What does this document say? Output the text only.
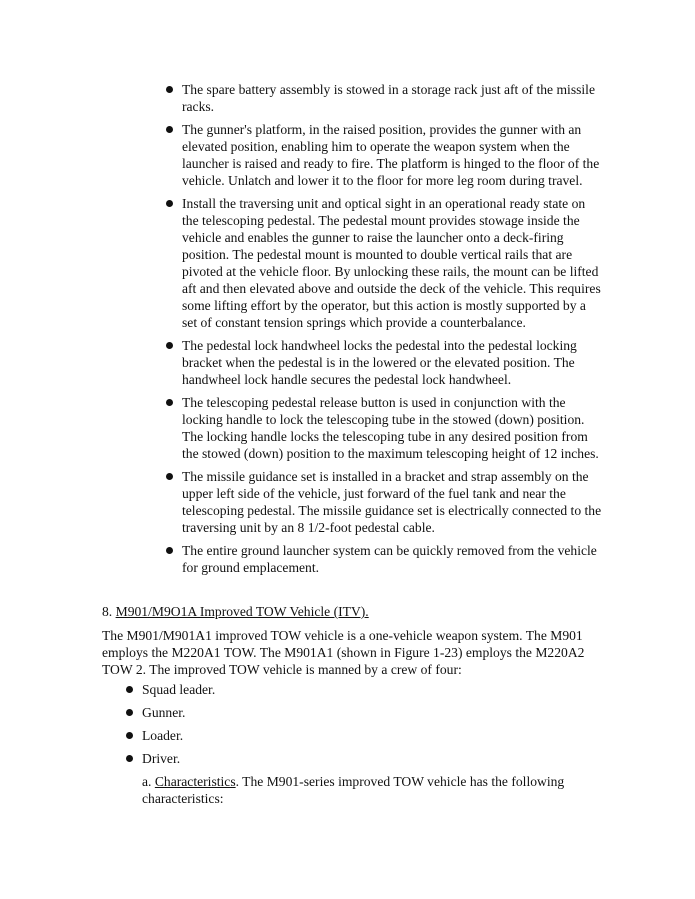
The spare battery assembly is stowed in a storage rack just aft of the missile racks.
The gunner's platform, in the raised position, provides the gunner with an elevated position, enabling him to operate the weapon system when the launcher is raised and ready to fire. The platform is hinged to the floor of the vehicle. Unlatch and lower it to the floor for more leg room during travel.
Install the traversing unit and optical sight in an operational ready state on the telescoping pedestal. The pedestal mount provides stowage inside the vehicle and enables the gunner to raise the launcher onto a deck-firing position. The pedestal mount is mounted to double vertical rails that are pivoted at the vehicle floor. By unlocking these rails, the mount can be lifted aft and then elevated above and outside the deck of the vehicle. This requires some lifting effort by the operator, but this action is mostly supported by a set of constant tension springs which provide a counterbalance.
The pedestal lock handwheel locks the pedestal into the pedestal locking bracket when the pedestal is in the lowered or the elevated position. The handwheel lock handle secures the pedestal lock handwheel.
The telescoping pedestal release button is used in conjunction with the locking handle to lock the telescoping tube in the stowed (down) position. The locking handle locks the telescoping tube in any desired position from the stowed (down) position to the maximum telescoping height of 12 inches.
The missile guidance set is installed in a bracket and strap assembly on the upper left side of the vehicle, just forward of the fuel tank and near the telescoping pedestal. The missile guidance set is electrically connected to the traversing unit by an 8 1/2-foot pedestal cable.
The entire ground launcher system can be quickly removed from the vehicle for ground emplacement.

8. M901/M9O1A Improved TOW Vehicle (ITV).

The M901/M901A1 improved TOW vehicle is a one-vehicle weapon system. The M901 employs the M220A1 TOW. The M901A1 (shown in Figure 1-23) employs the M220A2 TOW 2. The improved TOW vehicle is manned by a crew of four:

Squad leader.
Gunner.
Loader.
Driver.

a. Characteristics. The M901-series improved TOW vehicle has the following characteristics:
